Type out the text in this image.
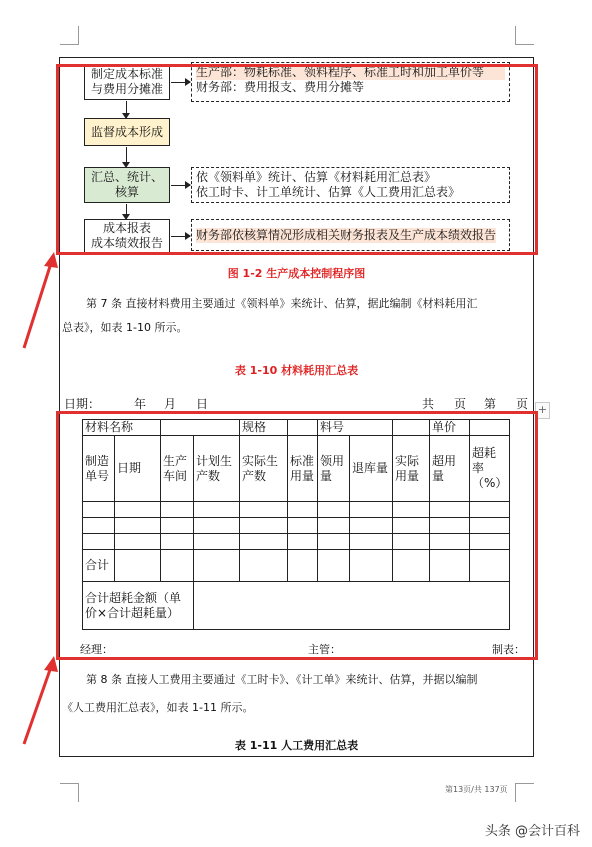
制定成本标准
与费用分摊准
生产部：物耗标准、领料程序、标准工时和加工单价等
财务部：费用报支、费用分摊等
监督成本形成
汇总、统计、
核算
依《领料单》统计、估算《材料耗用汇总表》
依工时卡、计工单统计、估算《人工费用汇总表》
成本报表
成本绩效报告
财务部依核算情况形成相关财务报表及生产成本绩效报告
图 1-2 生产成本控制程序图
第 7 条 直接材料费用主要通过《领料单》来统计、估算，据此编制《材料耗用汇
总表》，如表 1-10 所示。
表 1-10 材料耗用汇总表
日期：	年 月 日	共 页 第 页 +
材料名称				规格		料号			单价	
制造单号	日期	生产车间	计划生产数	实际生产数	标准用量	领用量	退库量	实际用量	超用量	超耗率（%）

合计										
合计超耗金额（单价×合计超耗量）										
经理：	主管：	制表：
第 8 条 直接人工费用主要通过《工时卡》、《计工单》来统计、估算，并据以编制
《人工费用汇总表》，如表 1-11 所示。
表 1-11 人工费用汇总表
第13页/共 137页
头条 @会计百科
